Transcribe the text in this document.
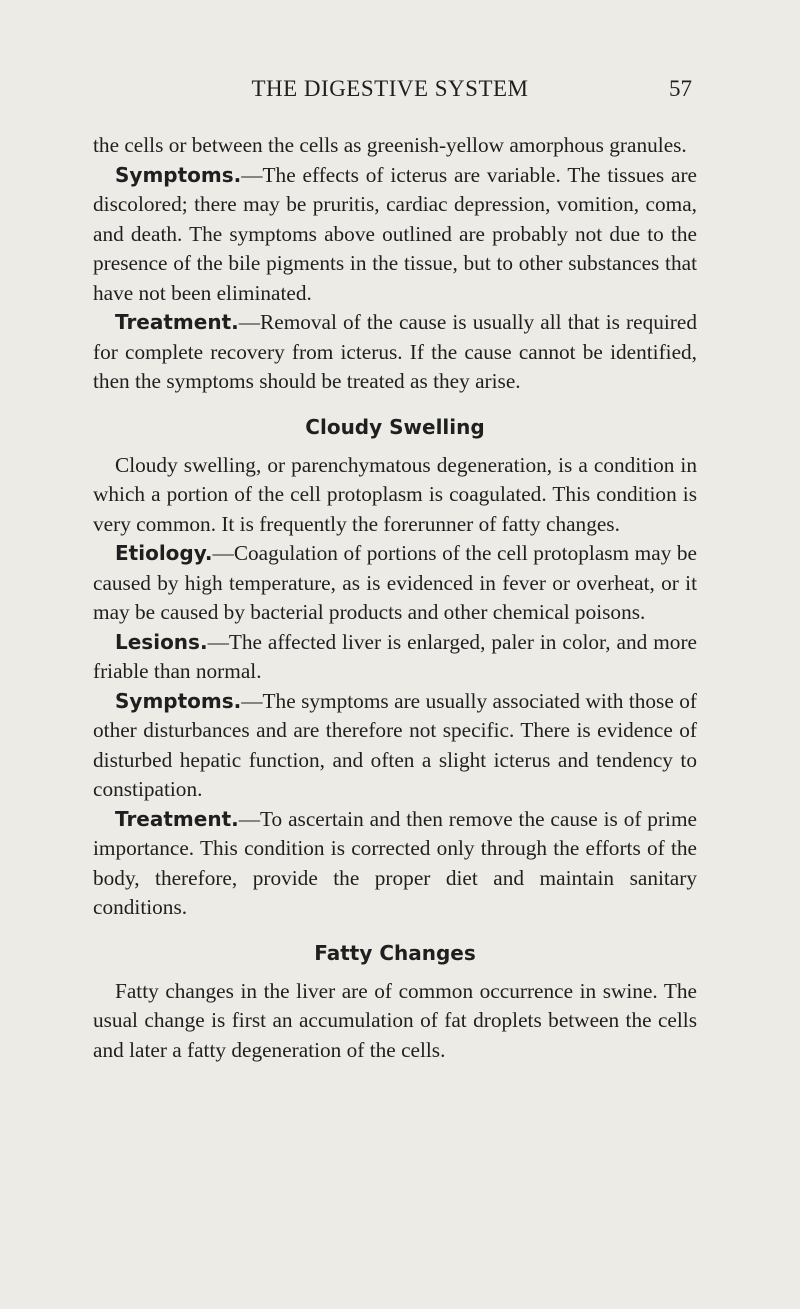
THE DIGESTIVE SYSTEM	57

the cells or between the cells as greenish-yellow amorphous granules.

Symptoms.—The effects of icterus are variable. The tissues are discolored; there may be pruritis, cardiac depression, vomition, coma, and death. The symptoms above outlined are probably not due to the presence of the bile pigments in the tissue, but to other substances that have not been eliminated.

Treatment.—Removal of the cause is usually all that is required for complete recovery from icterus. If the cause cannot be identified, then the symptoms should be treated as they arise.

Cloudy Swelling

Cloudy swelling, or parenchymatous degeneration, is a condition in which a portion of the cell protoplasm is coagulated. This condition is very common. It is frequently the forerunner of fatty changes.

Etiology.—Coagulation of portions of the cell protoplasm may be caused by high temperature, as is evidenced in fever or overheat, or it may be caused by bacterial products and other chemical poisons.

Lesions.—The affected liver is enlarged, paler in color, and more friable than normal.

Symptoms.—The symptoms are usually associated with those of other disturbances and are therefore not specific. There is evidence of disturbed hepatic function, and often a slight icterus and tendency to constipation.

Treatment.—To ascertain and then remove the cause is of prime importance. This condition is corrected only through the efforts of the body, therefore, provide the proper diet and maintain sanitary conditions.

Fatty Changes

Fatty changes in the liver are of common occurrence in swine. The usual change is first an accumulation of fat droplets between the cells and later a fatty degeneration of the cells.
